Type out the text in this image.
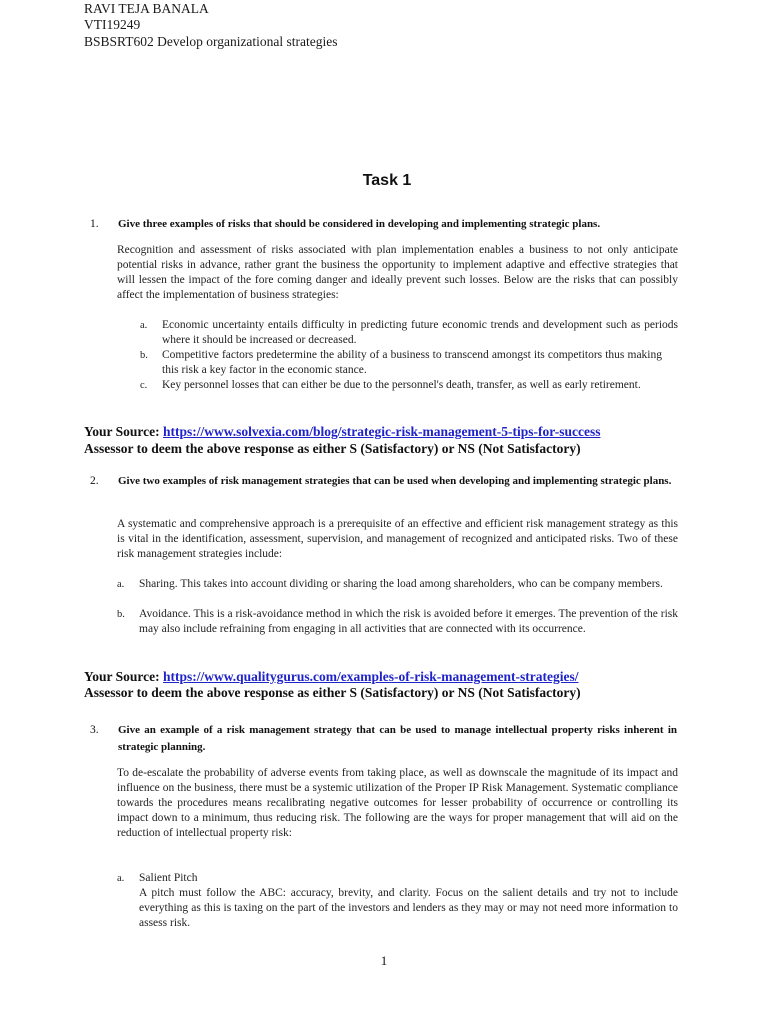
RAVI TEJA BANALA
VTI19249
BSBSRT602 Develop organizational strategies
Task 1
1. Give three examples of risks that should be considered in developing and implementing strategic plans.
Recognition and assessment of risks associated with plan implementation enables a business to not only anticipate potential risks in advance, rather grant the business the opportunity to implement adaptive and effective strategies that will lessen the impact of the fore coming danger and ideally prevent such losses. Below are the risks that can possibly affect the implementation of business strategies:
a. Economic uncertainty entails difficulty in predicting future economic trends and development such as periods where it should be increased or decreased.
b. Competitive factors predetermine the ability of a business to transcend amongst its competitors thus making this risk a key factor in the economic stance.
c. Key personnel losses that can either be due to the personnel's death, transfer, as well as early retirement.
Your Source: https://www.solvexia.com/blog/strategic-risk-management-5-tips-for-success
Assessor to deem the above response as either S (Satisfactory) or NS (Not Satisfactory)
2. Give two examples of risk management strategies that can be used when developing and implementing strategic plans.
A systematic and comprehensive approach is a prerequisite of an effective and efficient risk management strategy as this is vital in the identification, assessment, supervision, and management of recognized and anticipated risks. Two of these risk management strategies include:
a. Sharing. This takes into account dividing or sharing the load among shareholders, who can be company members.
b. Avoidance. This is a risk-avoidance method in which the risk is avoided before it emerges. The prevention of the risk may also include refraining from engaging in all activities that are connected with its occurrence.
Your Source: https://www.qualitygurus.com/examples-of-risk-management-strategies/
Assessor to deem the above response as either S (Satisfactory) or NS (Not Satisfactory)
3. Give an example of a risk management strategy that can be used to manage intellectual property risks inherent in strategic planning.
To de-escalate the probability of adverse events from taking place, as well as downscale the magnitude of its impact and influence on the business, there must be a systemic utilization of the Proper IP Risk Management. Systematic compliance towards the procedures means recalibrating negative outcomes for lesser probability of occurrence or controlling its impact down to a minimum, thus reducing risk. The following are the ways for proper management that will aid on the reduction of intellectual property risk:
a. Salient Pitch
A pitch must follow the ABC: accuracy, brevity, and clarity. Focus on the salient details and try not to include everything as this is taxing on the part of the investors and lenders as they may or may not need more information to assess risk.
1
